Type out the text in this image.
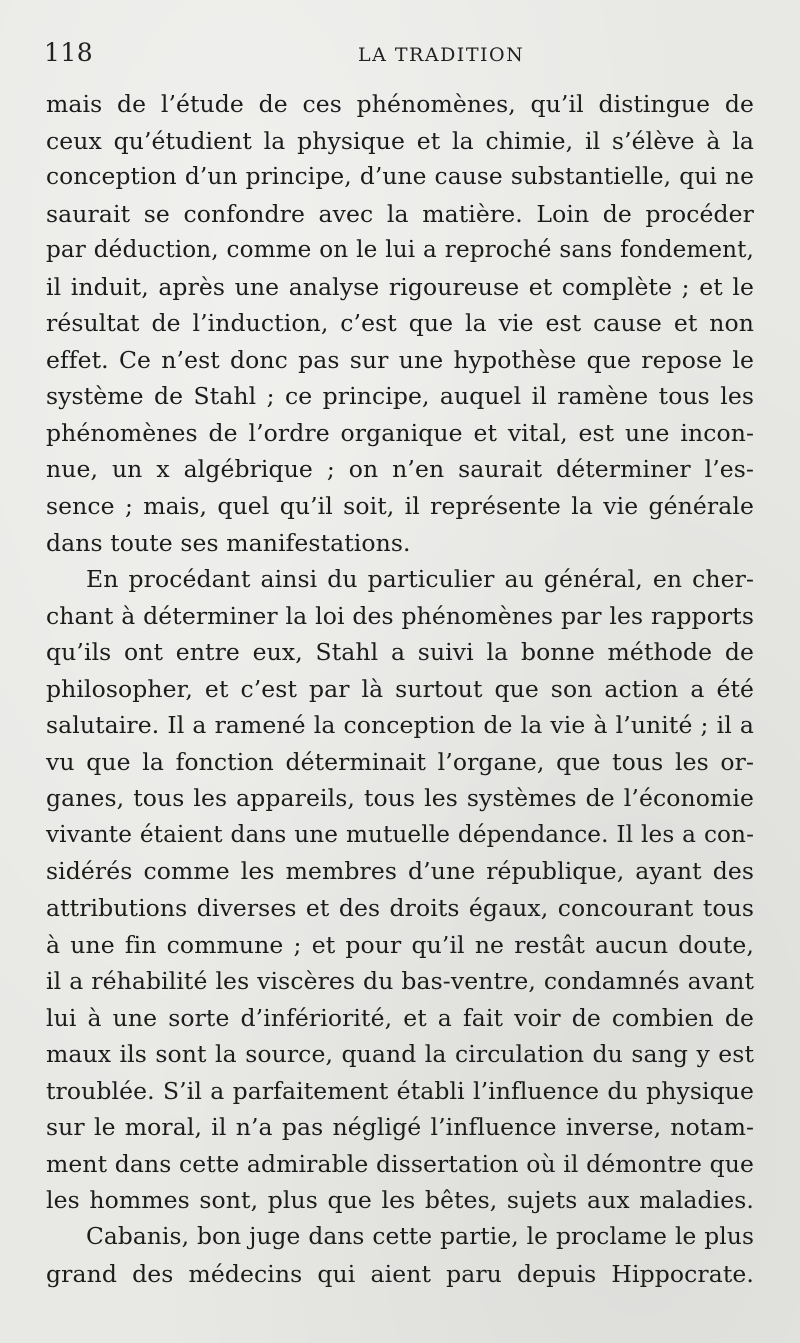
118	LA TRADITION
mais de l’étude de ces phénomènes, qu’il distingue de
ceux qu’étudient la physique et la chimie, il s’élève à la
conception d’un principe, d’une cause substantielle, qui ne
saurait se confondre avec la matière. Loin de procéder
par déduction, comme on le lui a reproché sans fondement,
il induit, après une analyse rigoureuse et complète ; et le
résultat de l’induction, c’est que la vie est cause et non
effet. Ce n’est donc pas sur une hypothèse que repose le
système de Stahl ; ce principe, auquel il ramène tous les
phénomènes de l’ordre organique et vital, est une incon-
nue, un x algébrique ; on n’en saurait déterminer l’es-
sence ; mais, quel qu’il soit, il représente la vie générale
dans toute ses manifestations.
En procédant ainsi du particulier au général, en cher-
chant à déterminer la loi des phénomènes par les rapports
qu’ils ont entre eux, Stahl a suivi la bonne méthode de
philosopher, et c’est par là surtout que son action a été
salutaire. Il a ramené la conception de la vie à l’unité ; il a
vu que la fonction déterminait l’organe, que tous les or-
ganes, tous les appareils, tous les systèmes de l’économie
vivante étaient dans une mutuelle dépendance. Il les a con-
sidérés comme les membres d’une république, ayant des
attributions diverses et des droits égaux, concourant tous
à une fin commune ; et pour qu’il ne restât aucun doute,
il a réhabilité les viscères du bas-ventre, condamnés avant
lui à une sorte d’infériorité, et a fait voir de combien de
maux ils sont la source, quand la circulation du sang y est
troublée. S’il a parfaitement établi l’influence du physique
sur le moral, il n’a pas négligé l’influence inverse, notam-
ment dans cette admirable dissertation où il démontre que
les hommes sont, plus que les bêtes, sujets aux maladies.
Cabanis, bon juge dans cette partie, le proclame le plus
grand des médecins qui aient paru depuis Hippocrate.
